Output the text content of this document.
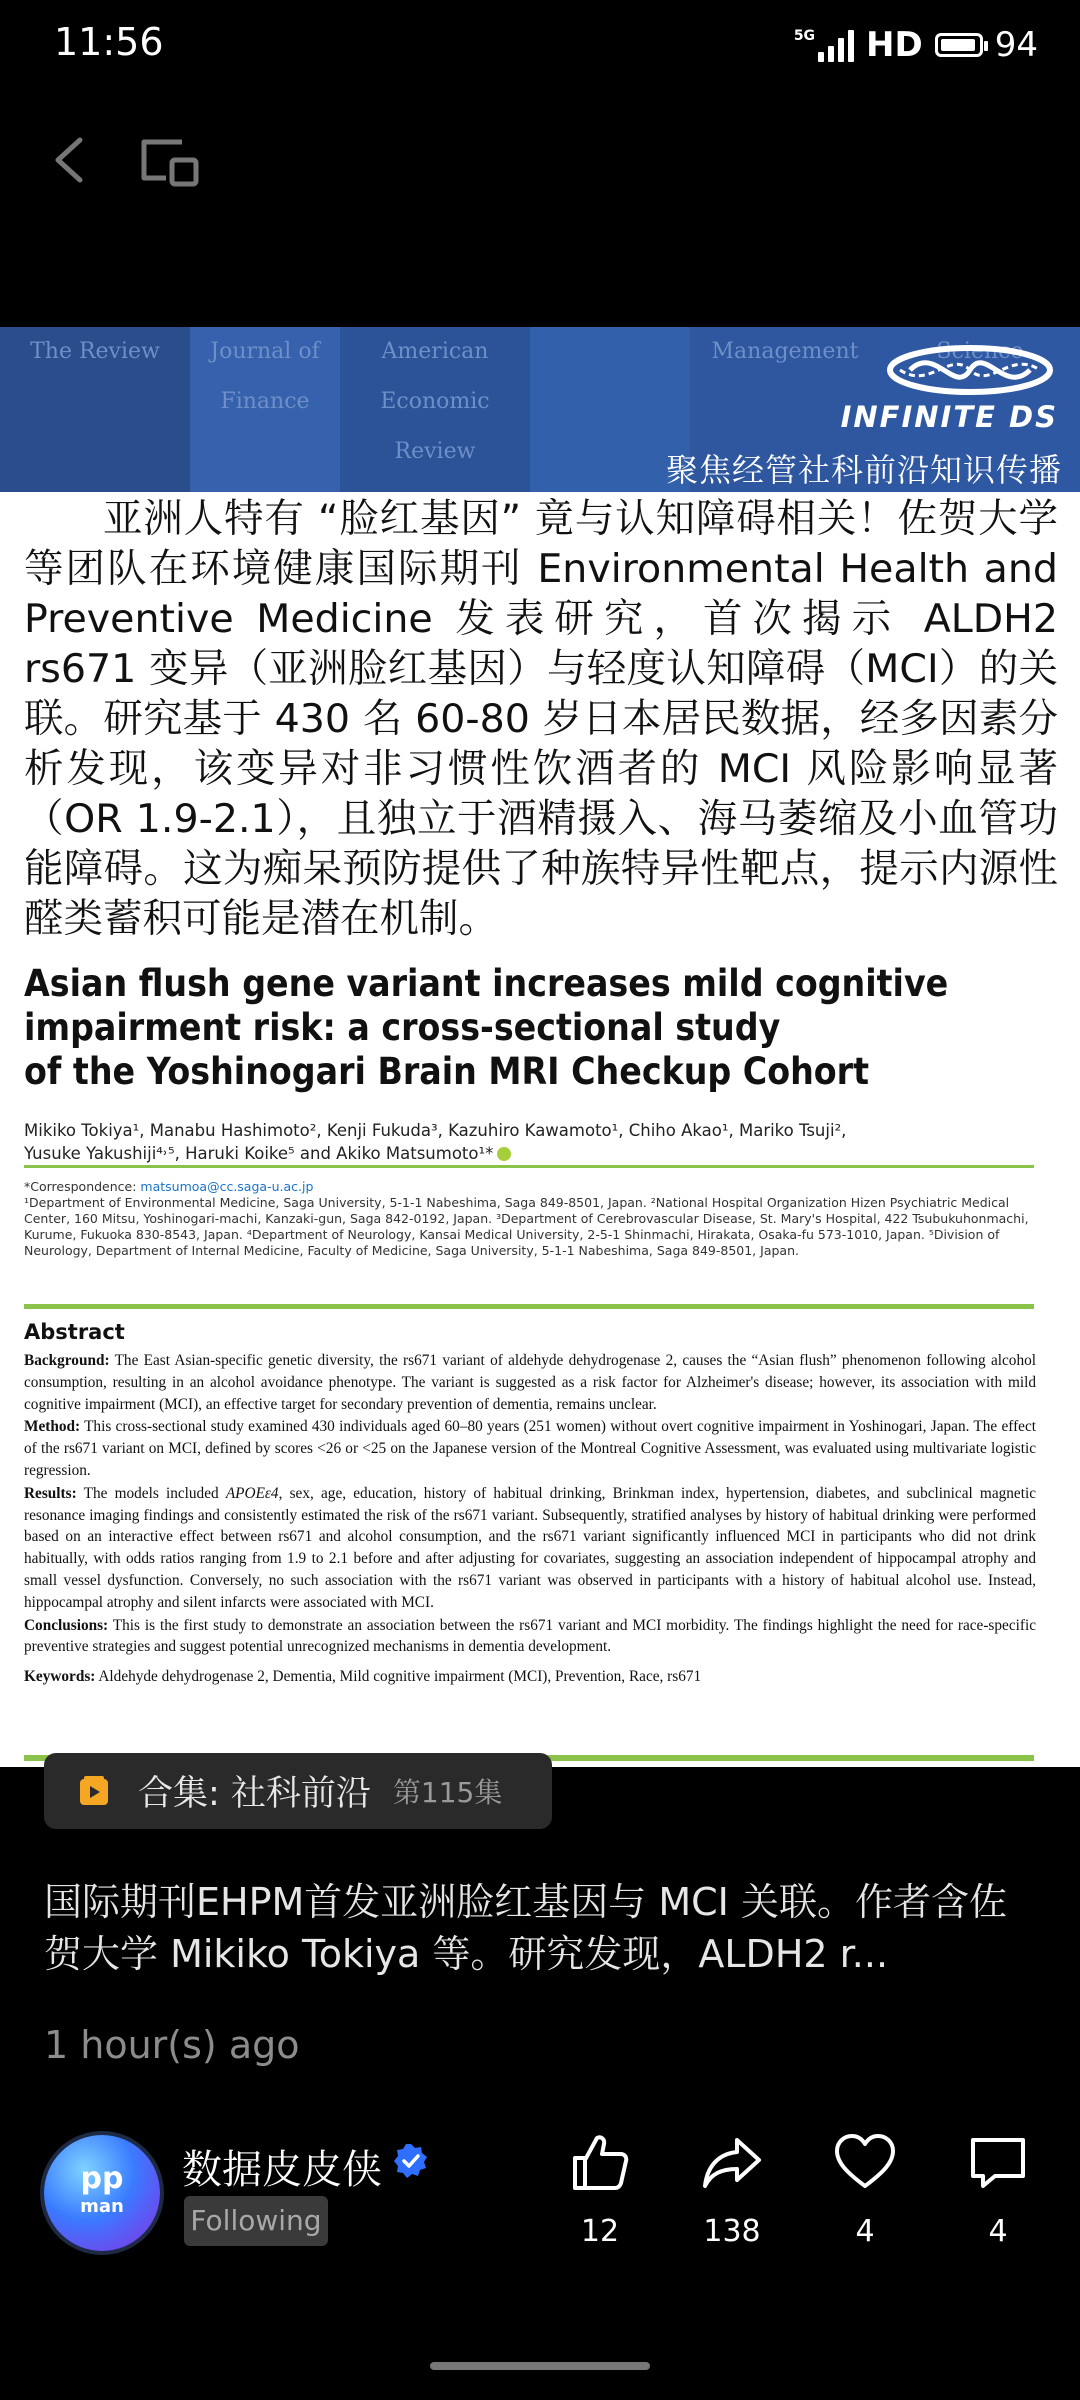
11:56	5G HD 94
The Review	Journal of Finance
American Economic Review
Management	Science
INFINITE DS
聚焦经管社科前沿知识传播
亚洲人特有 “脸红基因” 竟与认知障碍相关！佐贺大学等团队在环境健康国际期刊 Environmental Health and Preventive Medicine 发表研究，首次揭示 ALDH2 rs671 变异（亚洲脸红基因）与轻度认知障碍（MCI）的关联。研究基于 430 名 60-80 岁日本居民数据，经多因素分析发现，该变异对非习惯性饮酒者的 MCI 风险影响显著（OR 1.9-2.1），且独立于酒精摄入、海马萎缩及小血管功能障碍。这为痴呆预防提供了种族特异性靶点，提示内源性醛类蓄积可能是潜在机制。
Asian flush gene variant increases mild cognitive
impairment risk: a cross-sectional study
of the Yoshinogari Brain MRI Checkup Cohort
Mikiko Tokiya¹, Manabu Hashimoto², Kenji Fukuda³, Kazuhiro Kawamoto¹, Chiho Akao¹, Mariko Tsuji²,
Yusuke Yakushiji⁴˒⁵, Haruki Koike⁵ and Akiko Matsumoto¹*
*Correspondence: matsumoa@cc.saga-u.ac.jp
¹Department of Environmental Medicine, Saga University, 5-1-1 Nabeshima, Saga 849-8501, Japan. ²National Hospital Organization Hizen Psychiatric Medical Center, 160 Mitsu, Yoshinogari-machi, Kanzaki-gun, Saga 842-0192, Japan. ³Department of Cerebrovascular Disease, St. Mary's Hospital, 422 Tsubukuhonmachi, Kurume, Fukuoka 830-8543, Japan. ⁴Department of Neurology, Kansai Medical University, 2-5-1 Shinmachi, Hirakata, Osaka-fu 573-1010, Japan. ⁵Division of Neurology, Department of Internal Medicine, Faculty of Medicine, Saga University, 5-1-1 Nabeshima, Saga 849-8501, Japan.
Abstract
Background: The East Asian-specific genetic diversity, the rs671 variant of aldehyde dehydrogenase 2, causes the “Asian flush” phenomenon following alcohol consumption, resulting in an alcohol avoidance phenotype. The variant is suggested as a risk factor for Alzheimer's disease; however, its association with mild cognitive impairment (MCI), an effective target for secondary prevention of dementia, remains unclear.
Method: This cross-sectional study examined 430 individuals aged 60–80 years (251 women) without overt cognitive impairment in Yoshinogari, Japan. The effect of the rs671 variant on MCI, defined by scores <26 or <25 on the Japanese version of the Montreal Cognitive Assessment, was evaluated using multivariate logistic regression.
Results: The models included APOEε4, sex, age, education, history of habitual drinking, Brinkman index, hypertension, diabetes, and subclinical magnetic resonance imaging findings and consistently estimated the risk of the rs671 variant. Subsequently, stratified analyses by history of habitual drinking were performed based on an interactive effect between rs671 and alcohol consumption, and the rs671 variant significantly influenced MCI in participants who did not drink habitually, with odds ratios ranging from 1.9 to 2.1 before and after adjusting for covariates, suggesting an association independent of hippocampal atrophy and small vessel dysfunction. Conversely, no such association with the rs671 variant was observed in participants with a history of habitual alcohol use. Instead, hippocampal atrophy and silent infarcts were associated with MCI.
Conclusions: This is the first study to demonstrate an association between the rs671 variant and MCI morbidity. The findings highlight the need for race-specific preventive strategies and suggest potential unrecognized mechanisms in dementia development.
Keywords: Aldehyde dehydrogenase 2, Dementia, Mild cognitive impairment (MCI), Prevention, Race, rs671
合集: 社科前沿 第115集
国际期刊EHPM首发亚洲脸红基因与 MCI 关联。作者含佐贺大学 Mikiko Tokiya 等。研究发现，ALDH2 r...
1 hour(s) ago
pp
man
数据皮皮侠
Following	12	138	4	4
